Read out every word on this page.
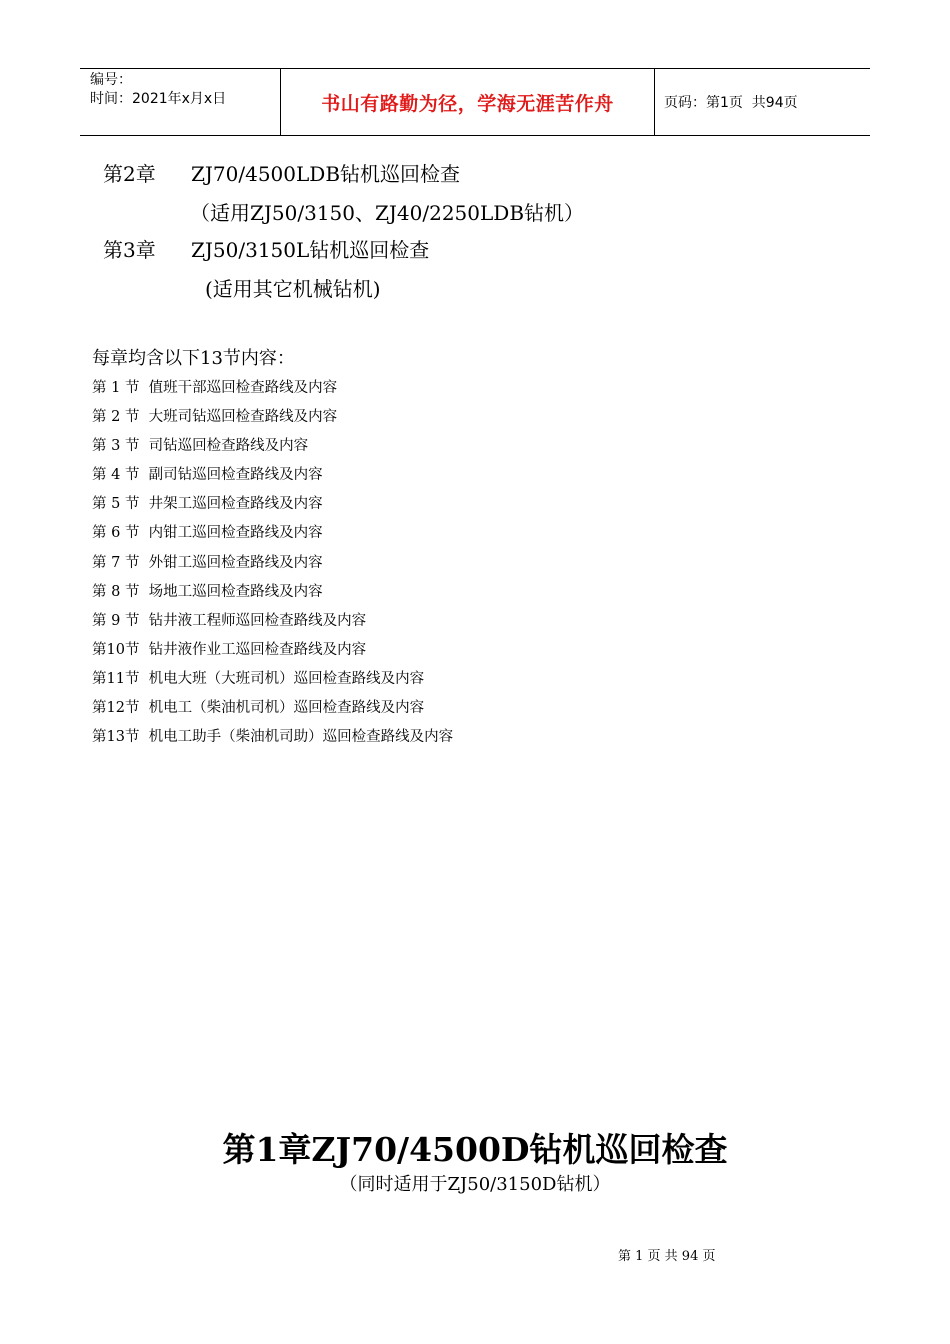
编号：
时间：2021年x月x日	书山有路勤为径，学海无涯苦作舟	页码：第1页  共94页
第2章 ZJ70/4500LDB钻机巡回检查
（适用ZJ50/3150、ZJ40/2250LDB钻机）
第3章 ZJ50/3150L钻机巡回检查
(适用其它机械钻机)
每章均含以下13节内容：
第 1 节  值班干部巡回检查路线及内容
第 2 节  大班司钻巡回检查路线及内容
第 3 节  司钻巡回检查路线及内容
第 4 节  副司钻巡回检查路线及内容
第 5 节  井架工巡回检查路线及内容
第 6 节  内钳工巡回检查路线及内容
第 7 节  外钳工巡回检查路线及内容
第 8 节  场地工巡回检查路线及内容
第 9 节  钻井液工程师巡回检查路线及内容
第10节  钻井液作业工巡回检查路线及内容
第11节  机电大班（大班司机）巡回检查路线及内容
第12节  机电工（柴油机司机）巡回检查路线及内容
第13节  机电工助手（柴油机司助）巡回检查路线及内容
第1章ZJ70/4500D钻机巡回检查
（同时适用于ZJ50/3150D钻机）
第 1 页 共 94 页
